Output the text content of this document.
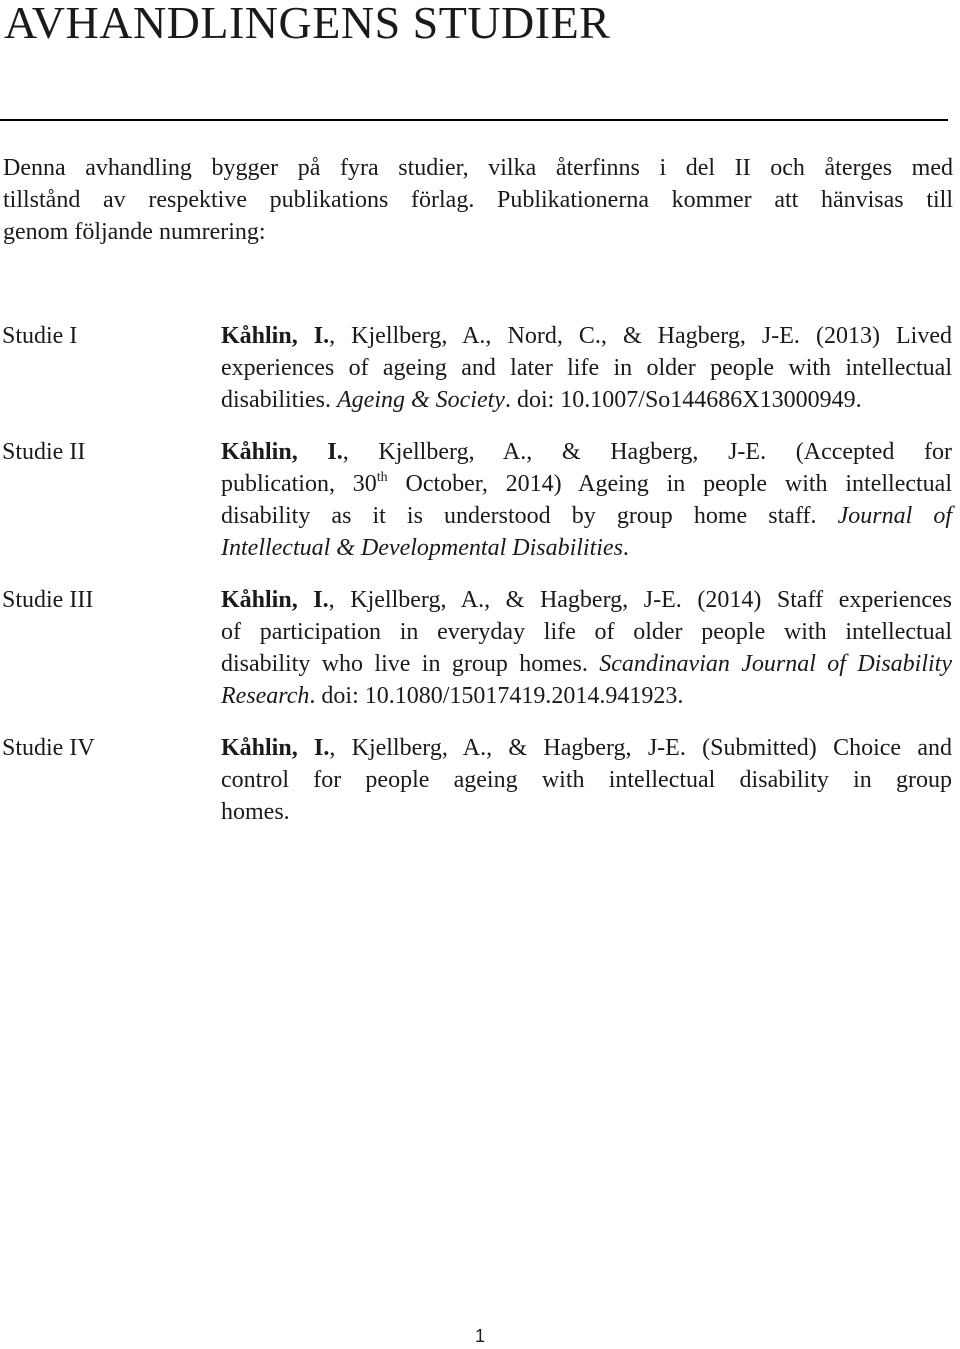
AVHANDLINGENS STUDIER

Denna avhandling bygger på fyra studier, vilka återfinns i del II och återges med
tillstånd av respektive publikations förlag. Publikationerna kommer att hänvisas till
genom följande numrering:

Studie I	Kåhlin, I., Kjellberg, A., Nord, C., & Hagberg, J-E. (2013) Lived
experiences of ageing and later life in older people with intellectual
disabilities. Ageing & Society. doi: 10.1007/So144686X13000949.

Studie II	Kåhlin, I., Kjellberg, A., & Hagberg, J-E. (Accepted for
publication, 30th October, 2014) Ageing in people with intellectual
disability as it is understood by group home staff. Journal of
Intellectual & Developmental Disabilities.

Studie III	Kåhlin, I., Kjellberg, A., & Hagberg, J-E. (2014) Staff experiences
of participation in everyday life of older people with intellectual
disability who live in group homes. Scandinavian Journal of Disability
Research. doi: 10.1080/15017419.2014.941923.

Studie IV	Kåhlin, I., Kjellberg, A., & Hagberg, J-E. (Submitted) Choice and
control for people ageing with intellectual disability in group
homes.

1
